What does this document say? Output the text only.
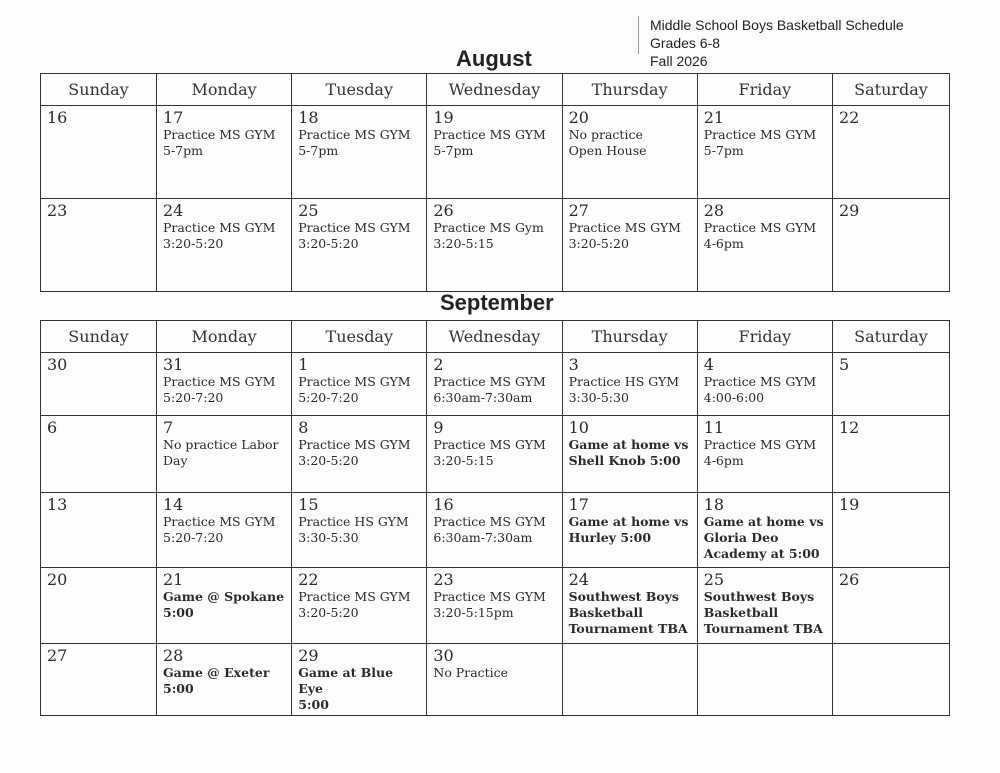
Middle School Boys Basketball Schedule
Grades 6-8
Fall 2026
August
Sunday	Monday	Tuesday	Wednesday	Thursday	Friday	Saturday

16	17
Practice MS GYM
5-7pm	18
Practice MS GYM
5-7pm	19
Practice MS GYM
5-7pm	20
No practice
Open House	21
Practice MS GYM
5-7pm	22

23	24
Practice MS GYM
3:20-5:20	25
Practice MS GYM
3:20-5:20	26
Practice MS Gym
3:20-5:15	27
Practice MS GYM
3:20-5:20	28
Practice MS GYM
4-6pm	29
September
Sunday	Monday	Tuesday	Wednesday	Thursday	Friday	Saturday

30	31
Practice MS GYM
5:20-7:20	1
Practice MS GYM
5:20-7:20	2
Practice MS GYM
6:30am-7:30am	3
Practice HS GYM
3:30-5:30	4
Practice MS GYM
4:00-6:00	5

6	7
No practice Labor
Day	8
Practice MS GYM
3:20-5:20	9
Practice MS GYM
3:20-5:15	10
Game at home vs
Shell Knob 5:00	11
Practice MS GYM
4-6pm	12

13	14
Practice MS GYM
5:20-7:20	15
Practice HS GYM
3:30-5:30	16
Practice MS GYM
6:30am-7:30am	17
Game at home vs
Hurley 5:00	18
Game at home vs
Gloria Deo
Academy at 5:00	19

20	21
Game @ Spokane
5:00	22
Practice MS GYM
3:20-5:20	23
Practice MS GYM
3:20-5:15pm	24
Southwest Boys
Basketball
Tournament TBA	25
Southwest Boys
Basketball
Tournament TBA	26

27	28
Game @ Exeter
5:00	29
Game at Blue Eye
5:00	30
No Practice			
